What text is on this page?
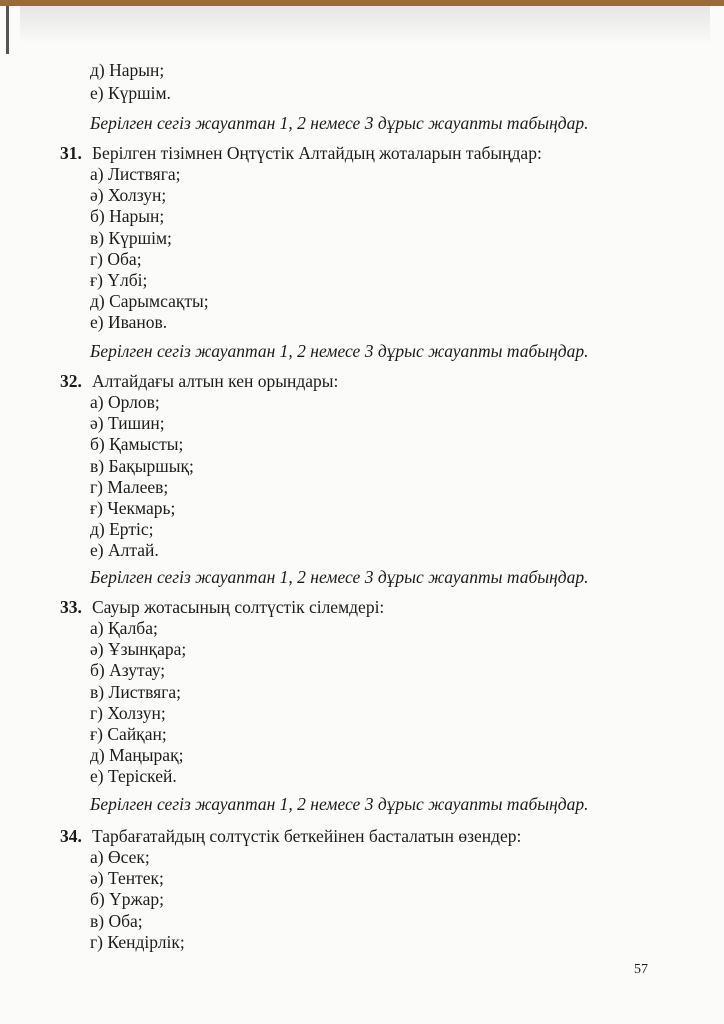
д) Нарын;
е) Күршім.
Берілген сегіз жауаптан 1, 2 немесе 3 дұрыс жауапты табыңдар.
Берілген сегіз жауаптан 1, 2 немесе 3 дұрыс жауапты табыңдар.
Берілген сегіз жауаптан 1, 2 немесе 3 дұрыс жауапты табыңдар.
Берілген сегіз жауаптан 1, 2 немесе 3 дұрыс жауапты табыңдар.
31. Берілген тізімнен Оңтүстік Алтайдың жоталарын табыңдар:
а) Листвяга;
ә) Холзун;
б) Нарын;
в) Күршім;
г) Оба;
ғ) Үлбі;
д) Сарымсақты;
е) Иванов.
32. Алтайдағы алтын кен орындары:
а) Орлов;
ә) Тишин;
б) Қамысты;
в) Бақыршық;
г) Малеев;
ғ) Чекмарь;
д) Ертіс;
е) Алтай.
33. Сауыр жотасының солтүстік сілемдері:
а) Қалба;
ә) Ұзынқара;
б) Азутау;
в) Листвяга;
г) Холзун;
ғ) Сайқан;
д) Маңырақ;
е) Терiскей.
34. Тарбағатайдың солтүстік беткейінен басталатын өзендер:
а) Өсек;
ә) Тентек;
б) Үржар;
в) Оба;
г) Кендірлік;
57
